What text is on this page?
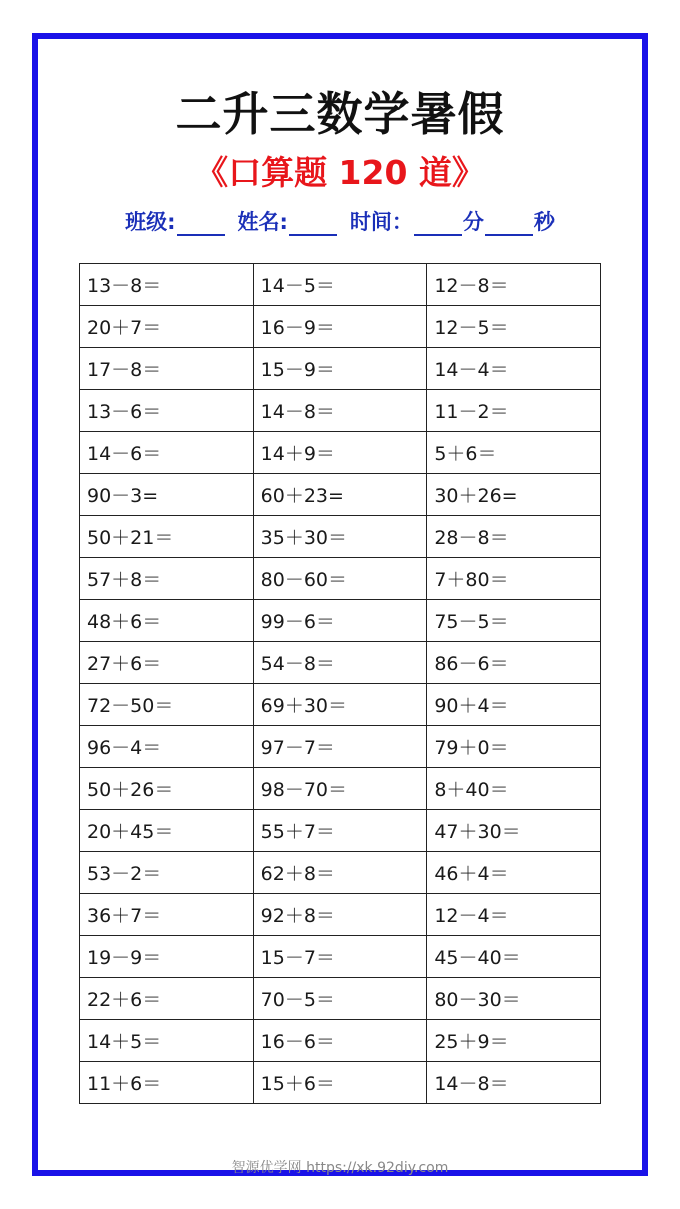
二升三数学暑假
《口算题 120 道》
班级:	姓名:	时间： 分 秒
13－8＝	14－5＝	12－8＝
20＋7＝	16－9＝	12－5＝
17－8＝	15－9＝	14－4＝
13－6＝	14－8＝	11－2＝
14－6＝	14＋9＝	5＋6＝
90－3=	60＋23=	30＋26=
50＋21＝	35＋30＝	28－8＝
57＋8＝	80－60＝	7＋80＝
48＋6＝	99－6＝	75－5＝
27＋6＝	54－8＝	86－6＝
72－50＝	69＋30＝	90＋4＝
96－4＝	97－7＝	79＋0＝
50＋26＝	98－70＝	8＋40＝
20＋45＝	55＋7＝	47＋30＝
53－2＝	62＋8＝	46＋4＝
36＋7＝	92＋8＝	12－4＝
19－9＝	15－7＝	45－40＝
22＋6＝	70－5＝	80－30＝
14＋5＝	16－6＝	25＋9＝
11＋6＝	15＋6＝	14－8＝
智源优学网 https://xk.92diy.com
